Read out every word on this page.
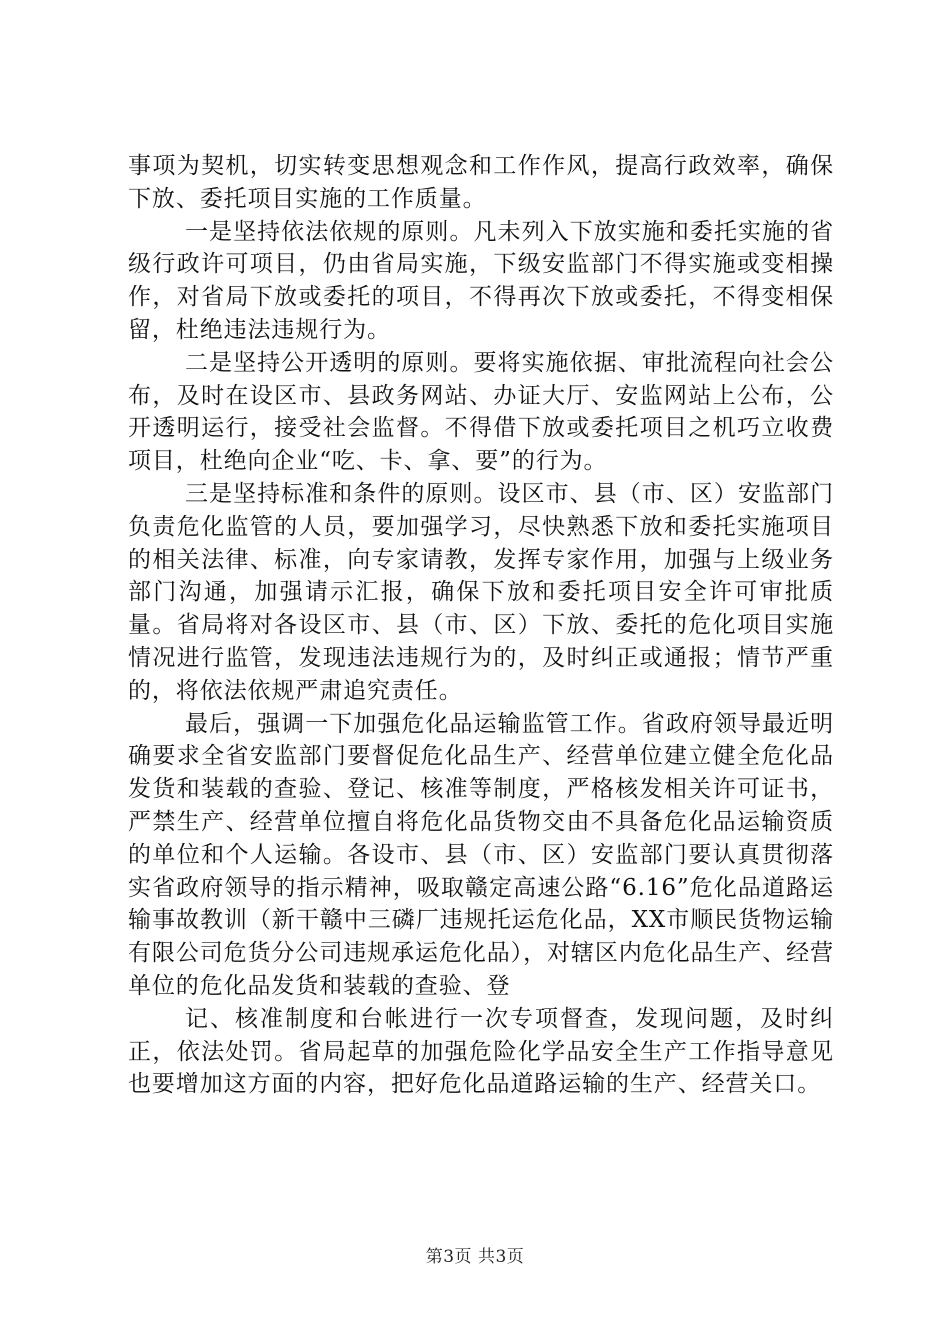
事项为契机，切实转变思想观念和工作作风，提高行政效率，确保下放、委托项目实施的工作质量。

一是坚持依法依规的原则。凡未列入下放实施和委托实施的省级行政许可项目，仍由省局实施，下级安监部门不得实施或变相操作，对省局下放或委托的项目，不得再次下放或委托，不得变相保留，杜绝违法违规行为。

二是坚持公开透明的原则。要将实施依据、审批流程向社会公布，及时在设区市、县政务网站、办证大厅、安监网站上公布，公开透明运行，接受社会监督。不得借下放或委托项目之机巧立收费项目，杜绝向企业“吃、卡、拿、要”的行为。

三是坚持标准和条件的原则。设区市、县（市、区）安监部门负责危化监管的人员，要加强学习，尽快熟悉下放和委托实施项目的相关法律、标准，向专家请教，发挥专家作用，加强与上级业务部门沟通，加强请示汇报，确保下放和委托项目安全许可审批质量。省局将对各设区市、县（市、区）下放、委托的危化项目实施情况进行监管，发现违法违规行为的，及时纠正或通报；情节严重的，将依法依规严肃追究责任。

最后，强调一下加强危化品运输监管工作。省政府领导最近明确要求全省安监部门要督促危化品生产、经营单位建立健全危化品发货和装载的查验、登记、核准等制度，严格核发相关许可证书，严禁生产、经营单位擅自将危化品货物交由不具备危化品运输资质的单位和个人运输。各设市、县（市、区）安监部门要认真贯彻落实省政府领导的指示精神，吸取赣定高速公路“6.16”危化品道路运输事故教训（新干赣中三磷厂违规托运危化品，XX市顺民货物运输有限公司危货分公司违规承运危化品），对辖区内危化品生产、经营单位的危化品发货和装载的查验、登

记、核准制度和台帐进行一次专项督查，发现问题，及时纠正，依法处罚。省局起草的加强危险化学品安全生产工作指导意见也要增加这方面的内容，把好危化品道路运输的生产、经营关口。

第3页 共3页
